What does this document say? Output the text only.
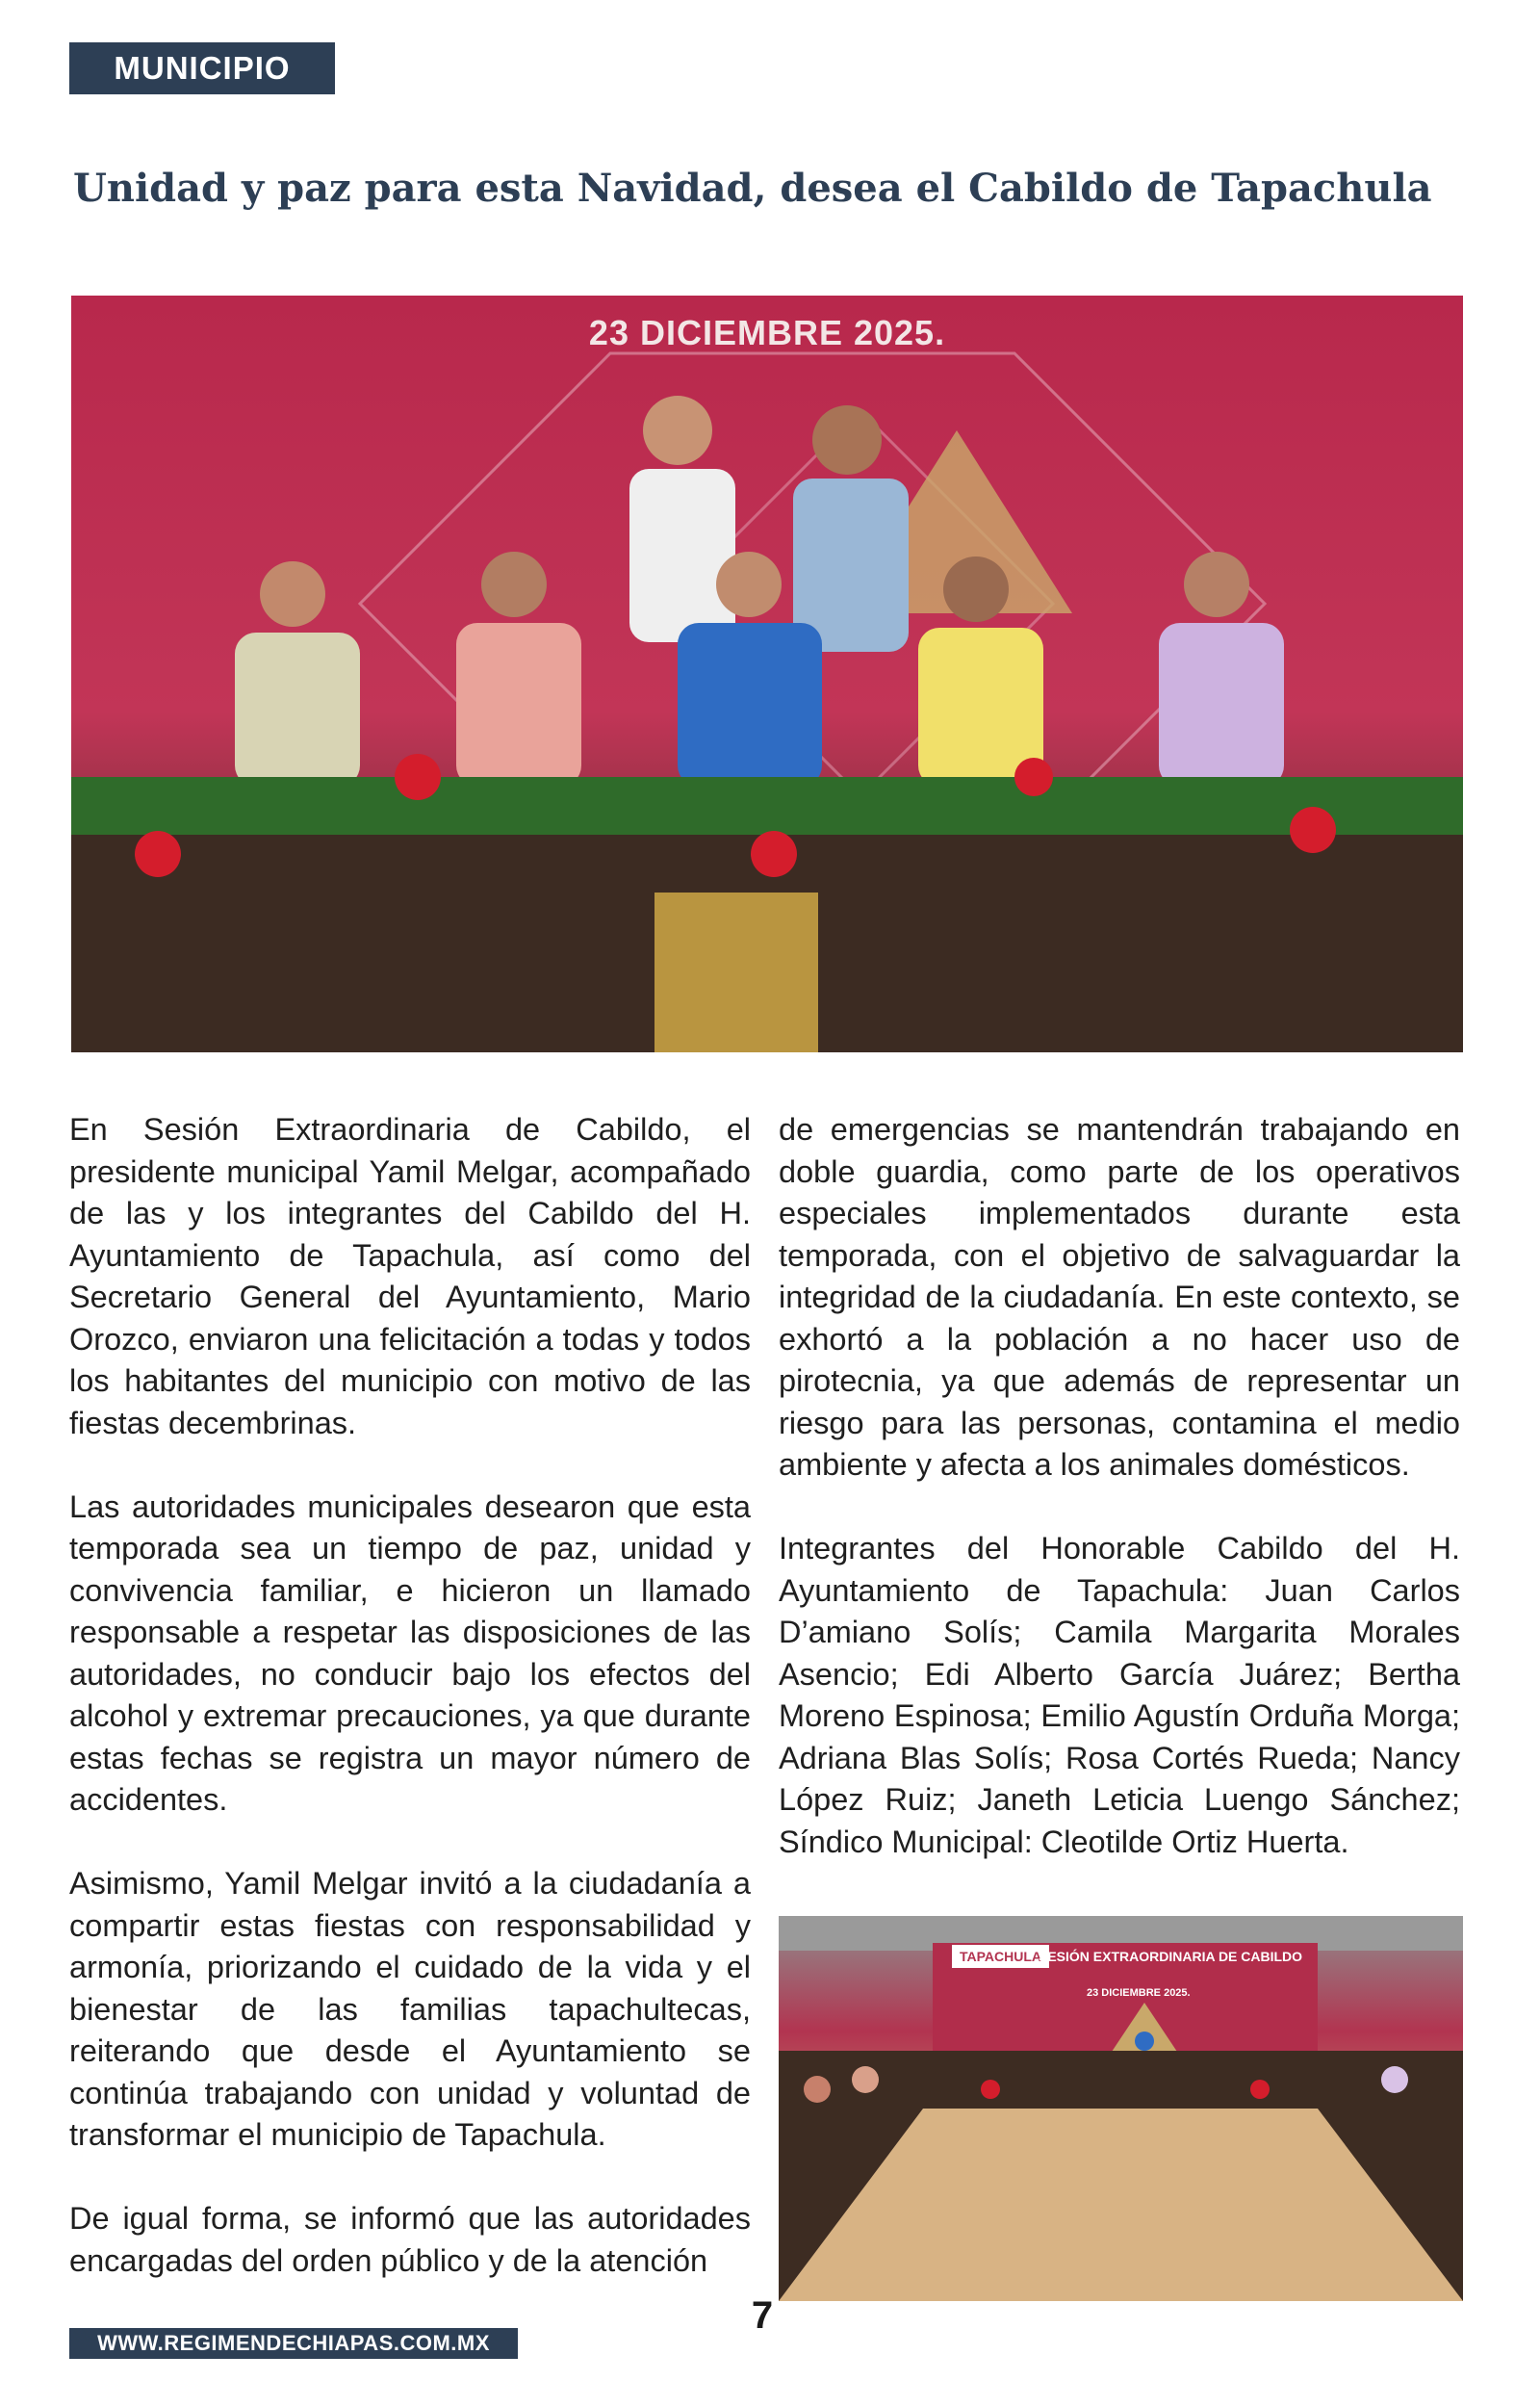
MUNICIPIO
Unidad y paz para esta Navidad, desea el Cabildo de Tapachula
23 DICIEMBRE 2025.

En Sesión Extraordinaria de Cabildo, el presidente municipal Yamil Melgar, acompañado de las y los integrantes del Cabildo del H. Ayuntamiento de Tapachula, así como del Secretario General del Ayuntamiento, Mario Orozco, enviaron una felicitación a todas y todos los habitantes del municipio con motivo de las fiestas decembrinas.

Las autoridades municipales desearon que esta temporada sea un tiempo de paz, unidad y convivencia familiar, e hicieron un llamado responsable a respetar las disposiciones de las autoridades, no conducir bajo los efectos del alcohol y extremar precauciones, ya que durante estas fechas se registra un mayor número de accidentes.

Asimismo, Yamil Melgar invitó a la ciudadanía a compartir estas fiestas con responsabilidad y armonía, priorizando el cuidado de la vida y el bienestar de las familias tapachultecas, reiterando que desde el Ayuntamiento se continúa trabajando con unidad y voluntad de transformar el municipio de Tapachula.

De igual forma, se informó que las autoridades encargadas del orden público y de la atención

de emergencias se mantendrán trabajando en doble guardia, como parte de los operativos especiales implementados durante esta temporada, con el objetivo de salvaguardar la integridad de la ciudadanía. En este contexto, se exhortó a la población a no hacer uso de pirotecnia, ya que además de representar un riesgo para las personas, contamina el medio ambiente y afecta a los animales domésticos.

Integrantes del Honorable Cabildo del H. Ayuntamiento de Tapachula: Juan Carlos D’amiano Solís; Camila Margarita Morales Asencio; Edi Alberto García Juárez; Bertha Moreno Espinosa; Emilio Agustín Orduña Morga; Adriana Blas Solís; Rosa Cortés Rueda; Nancy López Ruiz; Janeth Leticia Luengo Sánchez; Síndico Municipal: Cleotilde Ortiz Huerta.

TAPACHULA
SESIÓN EXTRAORDINARIA DE CABILDO
23 DICIEMBRE 2025.
7
WWW.REGIMENDECHIAPAS.COM.MX
